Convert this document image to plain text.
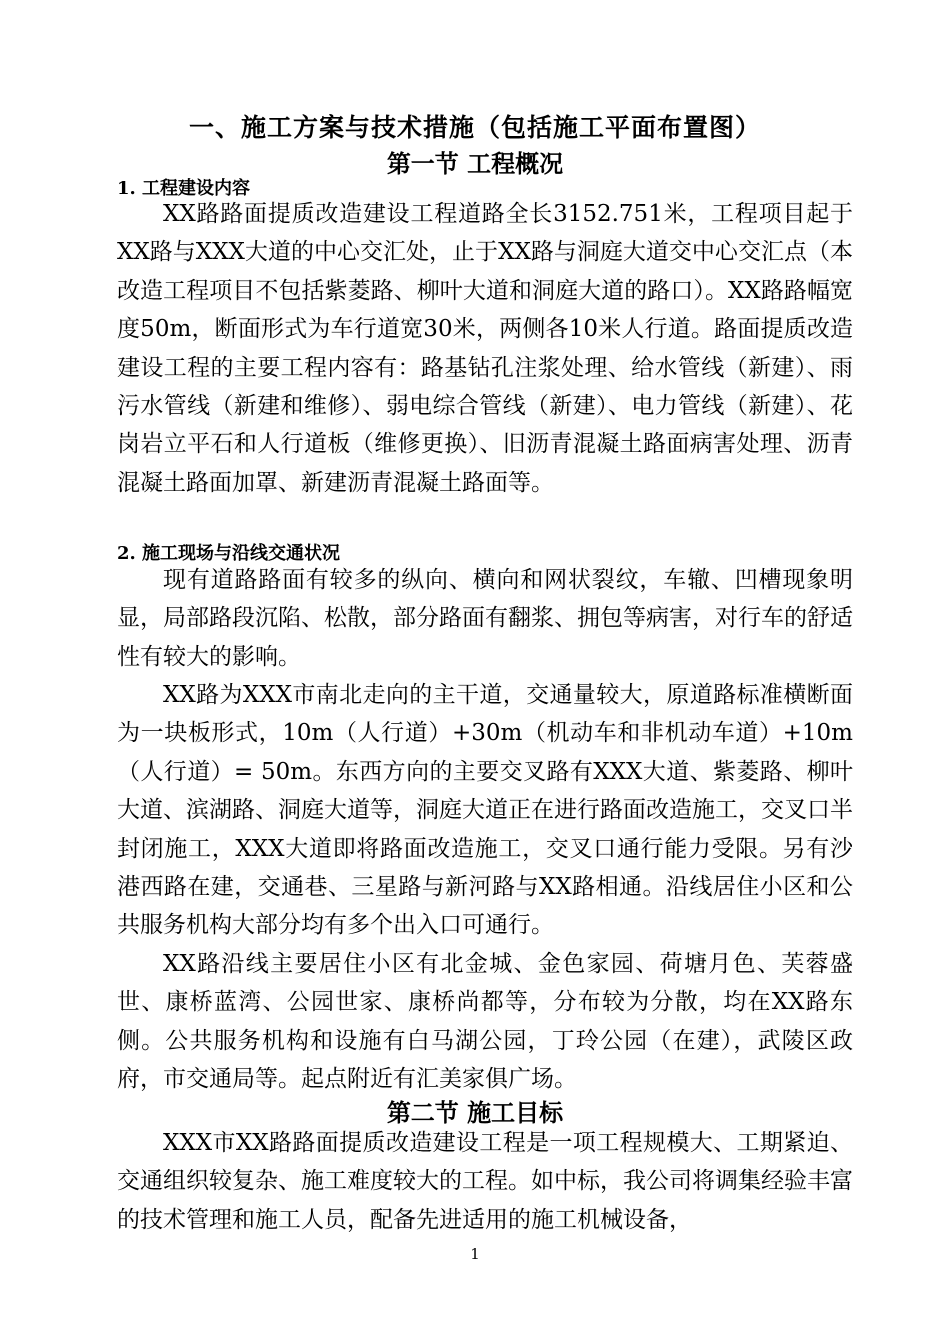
一、施工方案与技术措施（包括施工平面布置图）
第一节 工程概况
1. 工程建设内容

XX路路面提质改造建设工程道路全长3152.751米，工程项目起于XX路与XXX大道的中心交汇处，止于XX路与洞庭大道交中心交汇点（本改造工程项目不包括紫菱路、柳叶大道和洞庭大道的路口）。XX路路幅宽度50m，断面形式为车行道宽30米，两侧各10米人行道。路面提质改造建设工程的主要工程内容有：路基钻孔注浆处理、给水管线（新建）、雨污水管线（新建和维修）、弱电综合管线（新建）、电力管线（新建）、花岗岩立平石和人行道板（维修更换）、旧沥青混凝土路面病害处理、沥青混凝土路面加罩、新建沥青混凝土路面等。

2. 施工现场与沿线交通状况

现有道路路面有较多的纵向、横向和网状裂纹，车辙、凹槽现象明显，局部路段沉陷、松散，部分路面有翻浆、拥包等病害，对行车的舒适性有较大的影响。

XX路为XXX市南北走向的主干道，交通量较大，原道路标准横断面为一块板形式，10m（人行道）+30m（机动车和非机动车道）+10m（人行道）= 50m。东西方向的主要交叉路有XXX大道、紫菱路、柳叶大道、滨湖路、洞庭大道等，洞庭大道正在进行路面改造施工，交叉口半封闭施工，XXX大道即将路面改造施工，交叉口通行能力受限。另有沙港西路在建，交通巷、三星路与新河路与XX路相通。沿线居住小区和公共服务机构大部分均有多个出入口可通行。

XX路沿线主要居住小区有北金城、金色家园、荷塘月色、芙蓉盛世、康桥蓝湾、公园世家、康桥尚都等，分布较为分散，均在XX路东侧。公共服务机构和设施有白马湖公园，丁玲公园（在建），武陵区政府，市交通局等。起点附近有汇美家俱广场。

第二节 施工目标

XXX市XX路路面提质改造建设工程是一项工程规模大、工期紧迫、交通组织较复杂、施工难度较大的工程。如中标，我公司将调集经验丰富的技术管理和施工人员，配备先进适用的施工机械设备，

1
